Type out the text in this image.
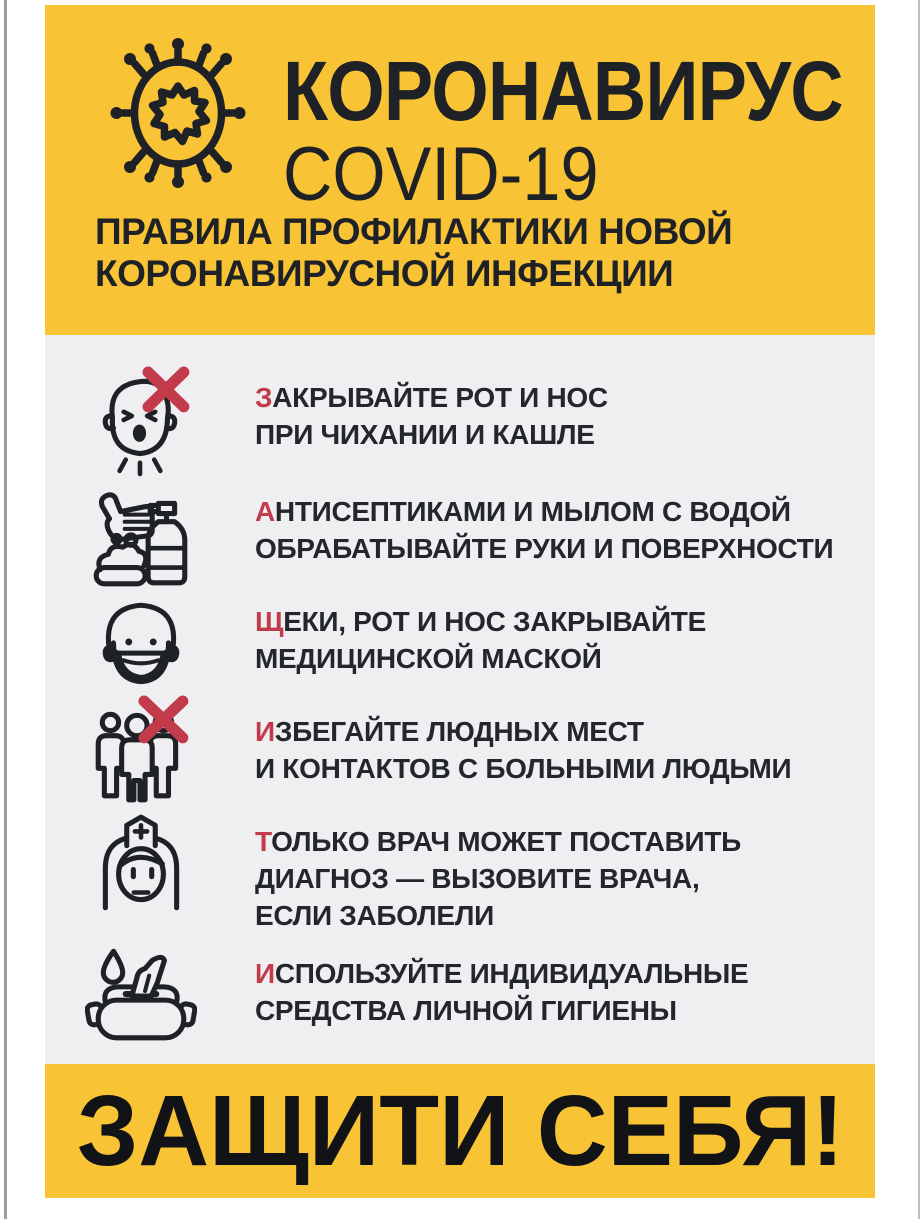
КОРОНАВИРУС
COVID-19
ПРАВИЛА ПРОФИЛАКТИКИ НОВОЙ
КОРОНАВИРУСНОЙ ИНФЕКЦИИ
ЗАКРЫВАЙТЕ РОТ И НОС
ПРИ ЧИХАНИИ И КАШЛЕ
АНТИСЕПТИКАМИ И МЫЛОМ С ВОДОЙ
ОБРАБАТЫВАЙТЕ РУКИ И ПОВЕРХНОСТИ
ЩЕКИ, РОТ И НОС ЗАКРЫВАЙТЕ
МЕДИЦИНСКОЙ МАСКОЙ
ИЗБЕГАЙТЕ ЛЮДНЫХ МЕСТ
И КОНТАКТОВ С БОЛЬНЫМИ ЛЮДЬМИ
ТОЛЬКО ВРАЧ МОЖЕТ ПОСТАВИТЬ
ДИАГНОЗ — ВЫЗОВИТЕ ВРАЧА,
ЕСЛИ ЗАБОЛЕЛИ
ИСПОЛЬЗУЙТЕ ИНДИВИДУАЛЬНЫЕ
СРЕДСТВА ЛИЧНОЙ ГИГИЕНЫ
ЗАЩИТИ СЕБЯ!
